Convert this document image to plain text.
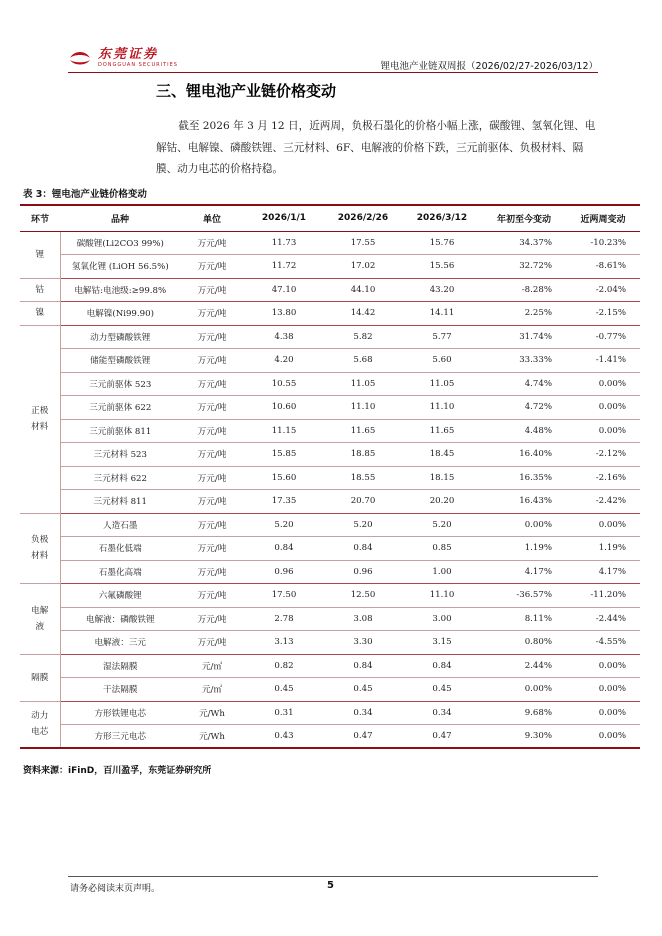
东莞证券
DONGGUAN SECURITIES	锂电池产业链双周报（2026/02/27-2026/03/12）
三、锂电池产业链价格变动
截至 2026 年 3 月 12 日，近两周，负极石墨化的价格小幅上涨，碳酸锂、氢氧化锂、电解钴、电解镍、磷酸铁锂、三元材料、6F、电解液的价格下跌，三元前驱体、负极材料、隔膜、动力电芯的价格持稳。
表 3：锂电池产业链价格变动
环节	品种	单位	2026/1/1	2026/2/26	2026/3/12	年初至今变动	近两周变动
锂	碳酸锂(Li2CO3 99%)	万元/吨	11.73	17.55	15.76	34.37%	-10.23%
	氢氧化锂 (LiOH 56.5%)	万元/吨	11.72	17.02	15.56	32.72%	-8.61%
钴	电解钴:电池级:≥99.8%	万元/吨	47.10	44.10	43.20	-8.28%	-2.04%
镍	电解镍(Ni99.90)	万元/吨	13.80	14.42	14.11	2.25%	-2.15%
正极材料	动力型磷酸铁锂	万元/吨	4.38	5.82	5.77	31.74%	-0.77%
	储能型磷酸铁锂	万元/吨	4.20	5.68	5.60	33.33%	-1.41%
	三元前驱体 523	万元/吨	10.55	11.05	11.05	4.74%	0.00%
	三元前驱体 622	万元/吨	10.60	11.10	11.10	4.72%	0.00%
	三元前驱体 811	万元/吨	11.15	11.65	11.65	4.48%	0.00%
	三元材料 523	万元/吨	15.85	18.85	18.45	16.40%	-2.12%
	三元材料 622	万元/吨	15.60	18.55	18.15	16.35%	-2.16%
	三元材料 811	万元/吨	17.35	20.70	20.20	16.43%	-2.42%
负极材料	人造石墨	万元/吨	5.20	5.20	5.20	0.00%	0.00%
	石墨化低端	万元/吨	0.84	0.84	0.85	1.19%	1.19%
	石墨化高端	万元/吨	0.96	0.96	1.00	4.17%	4.17%
电解液	六氟磷酸锂	万元/吨	17.50	12.50	11.10	-36.57%	-11.20%
	电解液：磷酸铁锂	万元/吨	2.78	3.08	3.00	8.11%	-2.44%
	电解液：三元	万元/吨	3.13	3.30	3.15	0.80%	-4.55%
隔膜	湿法隔膜	元/㎡	0.82	0.84	0.84	2.44%	0.00%
	干法隔膜	元/㎡	0.45	0.45	0.45	0.00%	0.00%
动力电芯	方形铁锂电芯	元/Wh	0.31	0.34	0.34	9.68%	0.00%
	方形三元电芯	元/Wh	0.43	0.47	0.47	9.30%	0.00%
资料来源：iFinD，百川盈孚，东莞证券研究所
请务必阅读末页声明。	5
